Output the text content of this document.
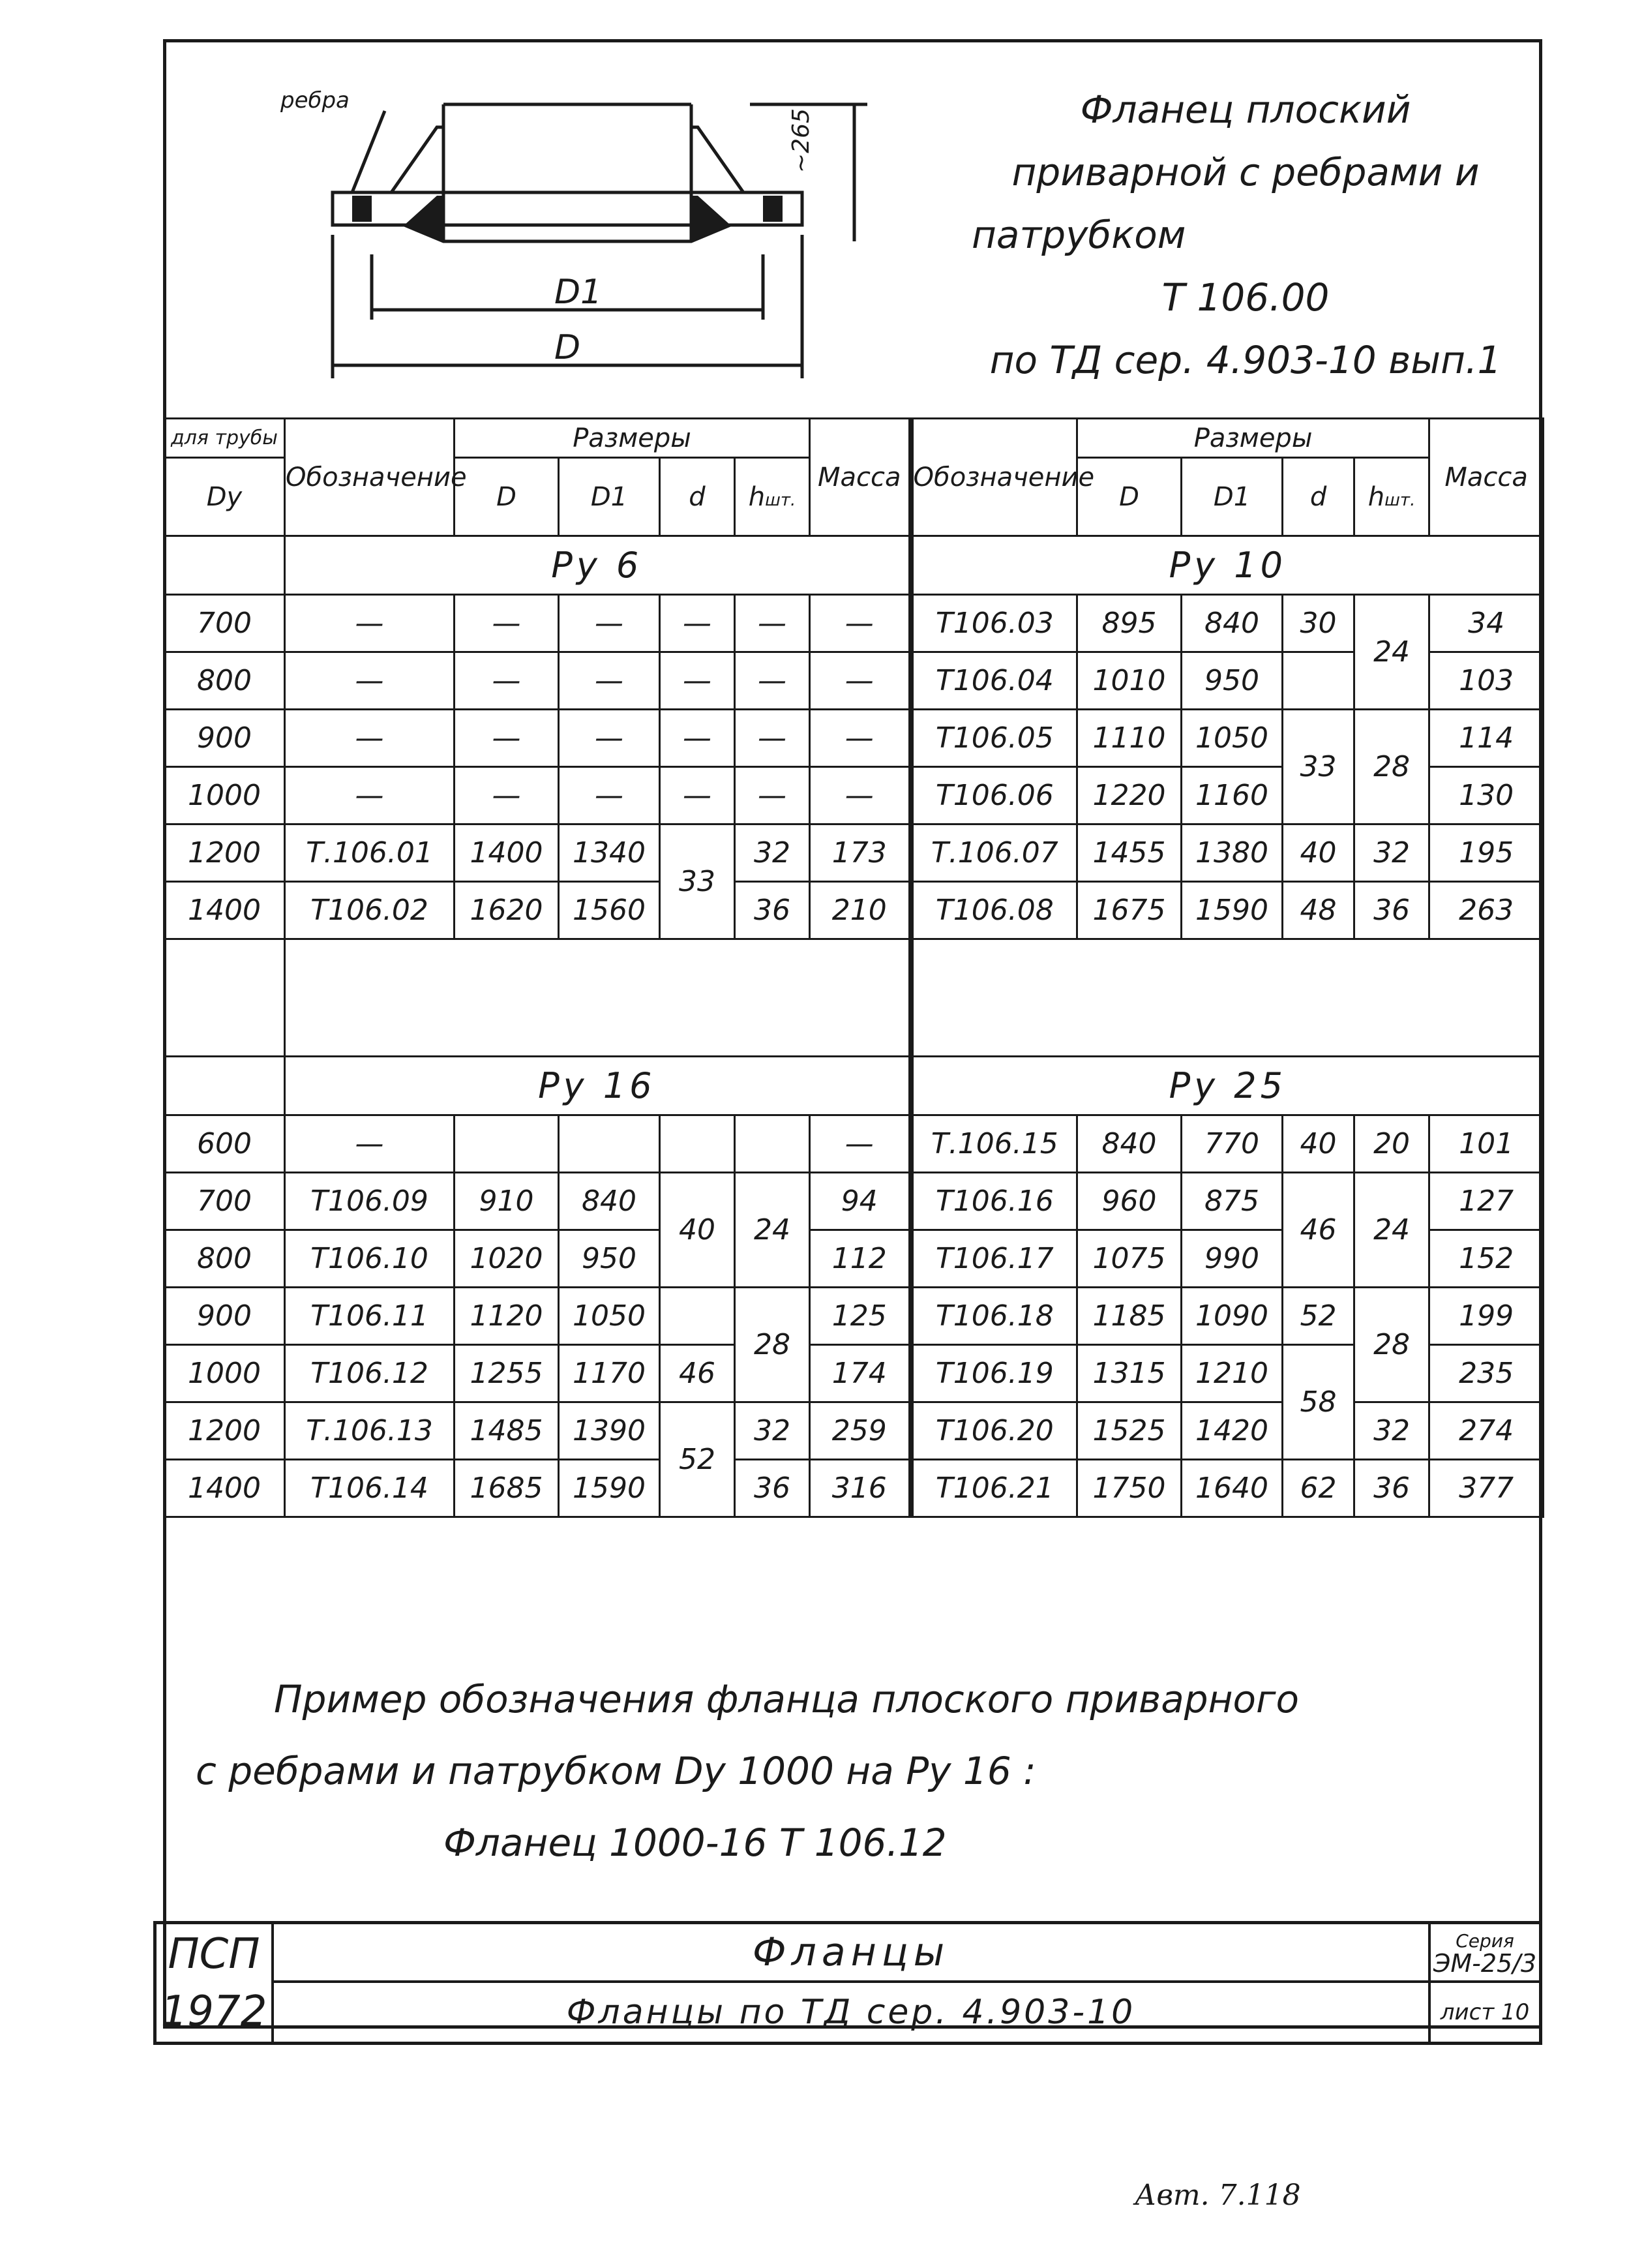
ребра
D1
D
~265	Фланец плоский
приварной с ребрами и
патрубком
Т 106.00
по ТД сер. 4.903-10 вып.1
для трубы	Обозначение	Размеры				Масса	Обозначение	Размеры				Масса
Dу		D	D1	d	hшт.			D	D1	d	hшт.	
	Ру 6						Ру 10					
700	—	—	—	—	—	—	Т106.03	895	840	30	24	34
800	—	—	—	—	—	—	Т106.04	1010	950			103
900	—	—	—	—	—	—	Т106.05	1110	1050	33	28	114
1000	—	—	—	—	—	—	Т106.06	1220	1160			130
1200	Т.106.01	1400	1340	33	32	173	Т.106.07	1455	1380	40	32	195
1400	Т106.02	1620	1560		36	210	Т106.08	1675	1590	48	36	263

	Ру 16						Ру 25					
600	—					—	Т.106.15	840	770	40	20	101
700	Т106.09	910	840	40	24	94	Т106.16	960	875	46	24	127
800	Т106.10	1020	950			112	Т106.17	1075	990			152
900	Т106.11	1120	1050		28	125	Т106.18	1185	1090	52	28	199
1000	Т106.12	1255	1170	46		174	Т106.19	1315	1210	58		235
1200	Т.106.13	1485	1390	52	32	259	Т106.20	1525	1420		32	274
1400	Т106.14	1685	1590		36	316	Т106.21	1750	1640	62	36	377
Пример обозначения фланца плоского приварного
с ребрами и патрубком Dу 1000 на Ру 16 :
Фланец 1000-16 Т 106.12
ПСП
1972
Фланцы
Фланцы по ТД сер. 4.903-10
Серия
ЭМ-25/3
лист 10
Авт. 7.118
